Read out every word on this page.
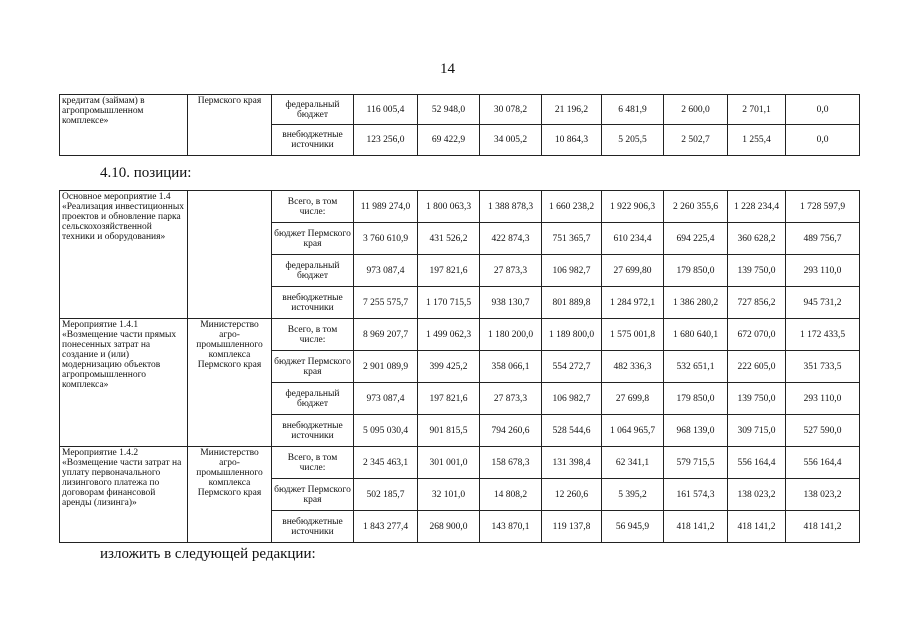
14
кредитам (займам) в агропромышленном комплексе»	Пермского края	федеральный бюджет	116 005,4	52 948,0	30 078,2	21 196,2	6 481,9	2 600,0	2 701,1	0,0
		внебюджетные источники	123 256,0	69 422,9	34 005,2	10 864,3	5 205,5	2 502,7	1 255,4	0,0
4.10. позиции:
Основное мероприятие 1.4 «Реализация инвестиционных проектов и обновление парка сельскохозяйственной техники и оборудования»		Всего, в том числе:	11 989 274,0	1 800 063,3	1 388 878,3	1 660 238,2	1 922 906,3	2 260 355,6	1 228 234,4	1 728 597,9
		бюджет Пермского края	3 760 610,9	431 526,2	422 874,3	751 365,7	610 234,4	694 225,4	360 628,2	489 756,7
		федеральный бюджет	973 087,4	197 821,6	27 873,3	106 982,7	27 699,80	179 850,0	139 750,0	293 110,0
		внебюджетные источники	7 255 575,7	1 170 715,5	938 130,7	801 889,8	1 284 972,1	1 386 280,2	727 856,2	945 731,2
Мероприятие 1.4.1 «Возмещение части прямых понесенных затрат на создание и (или) модернизацию объектов агропромышленного комплекса»	Министерство агро-промышленного комплекса Пермского края	Всего, в том числе:	8 969 207,7	1 499 062,3	1 180 200,0	1 189 800,0	1 575 001,8	1 680 640,1	672 070,0	1 172 433,5
		бюджет Пермского края	2 901 089,9	399 425,2	358 066,1	554 272,7	482 336,3	532 651,1	222 605,0	351 733,5
		федеральный бюджет	973 087,4	197 821,6	27 873,3	106 982,7	27 699,8	179 850,0	139 750,0	293 110,0
		внебюджетные источники	5 095 030,4	901 815,5	794 260,6	528 544,6	1 064 965,7	968 139,0	309 715,0	527 590,0
Мероприятие 1.4.2 «Возмещение части затрат на уплату первоначального лизингового платежа по договорам финансовой аренды (лизинга)»	Министерство агро-промышленного комплекса Пермского края	Всего, в том числе:	2 345 463,1	301 001,0	158 678,3	131 398,4	62 341,1	579 715,5	556 164,4	556 164,4
		бюджет Пермского края	502 185,7	32 101,0	14 808,2	12 260,6	5 395,2	161 574,3	138 023,2	138 023,2
		внебюджетные источники	1 843 277,4	268 900,0	143 870,1	119 137,8	56 945,9	418 141,2	418 141,2	418 141,2
изложить в следующей редакции:
